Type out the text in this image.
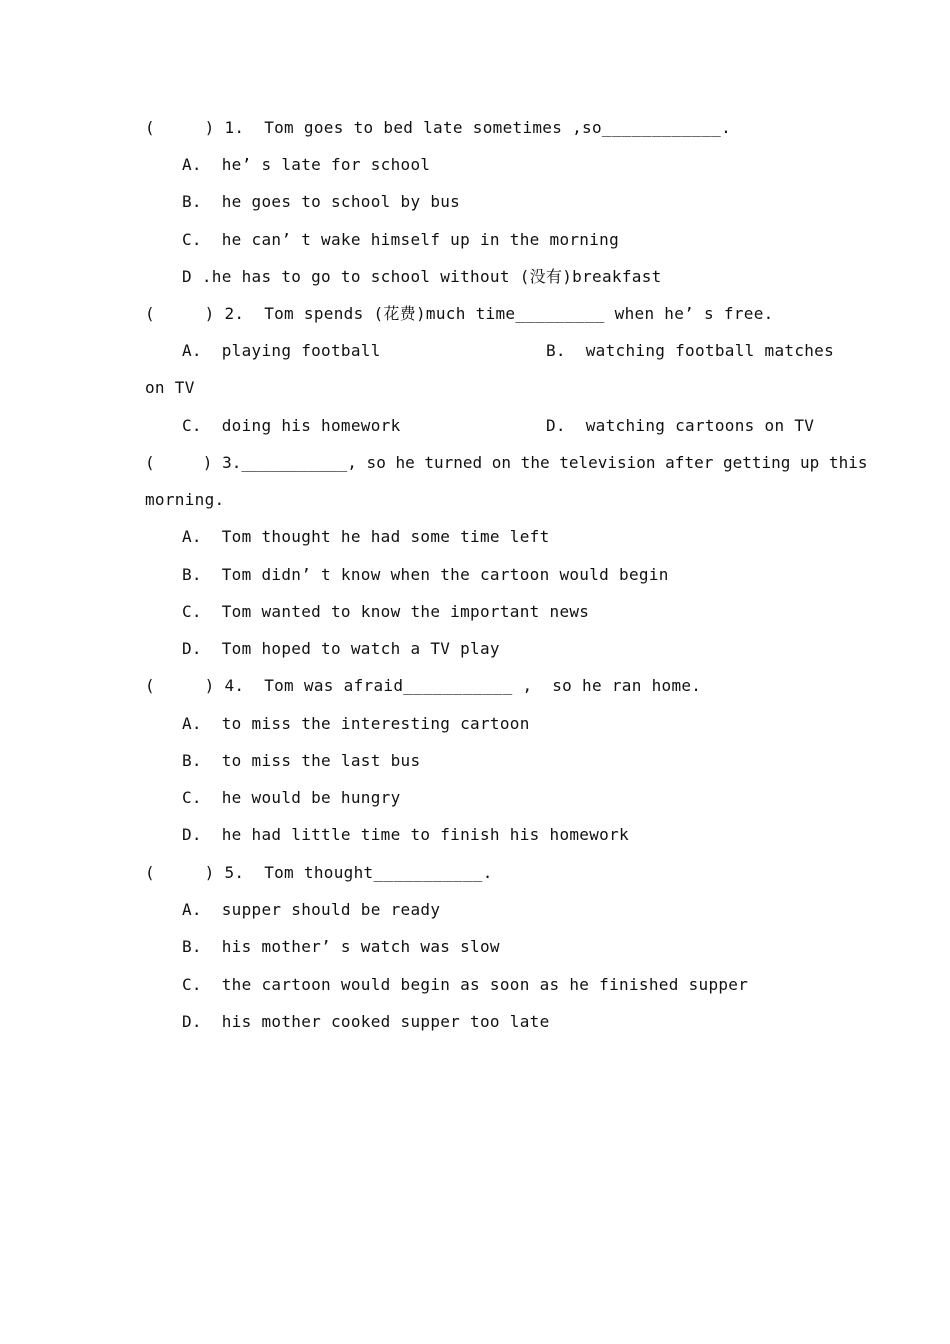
(     ) 1.  Tom goes to bed late sometimes ,so____________.
A.  he’ s late for school
B.  he goes to school by bus
C.  he can’ t wake himself up in the morning
D .he has to go to school without (没有)breakfast
(     ) 2.  Tom spends (花费)much time_________ when he’ s free.
A.  playing football	B.  watching football matches
on TV
C.  doing his homework	D.  watching cartoons on TV
(     ) 3.___________, so he turned on the television after getting up this
morning.
A.  Tom thought he had some time left
B.  Tom didn’ t know when the cartoon would begin
C.  Tom wanted to know the important news
D.  Tom hoped to watch a TV play
(     ) 4.  Tom was afraid___________ ,  so he ran home.
A.  to miss the interesting cartoon
B.  to miss the last bus
C.  he would be hungry
D.  he had little time to finish his homework
(     ) 5.  Tom thought___________.
A.  supper should be ready
B.  his mother’ s watch was slow
C.  the cartoon would begin as soon as he finished supper
D.  his mother cooked supper too late
